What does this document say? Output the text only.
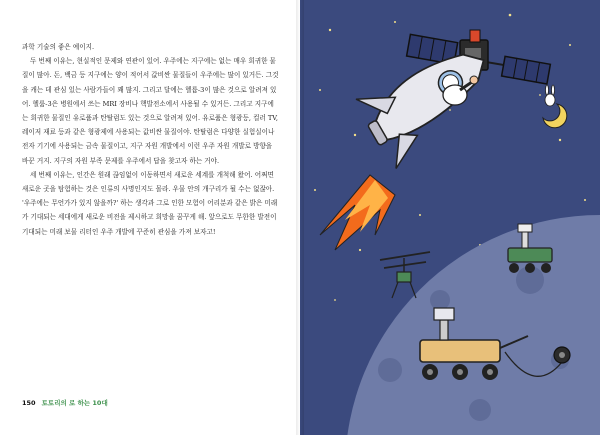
과학 기술의 좋은 예이지.

두 번째 이유는, 현실적인 문제와 연관이 있어. 우주에는 지구에는 없는 매우 희귀한 물질이 많아. 돈, 백금 등 지구에는 양이 적어서 값비싼 물질들이 우주에는 많이 있거든. 그것을 캐는 데 관심 있는 사람가들이 꽤 많지. 그리고 달에는 헬륨-3이 많은 것으로 알려져 있어. 헬륨-3은 병원에서 쓰는 MRI 장비나 핵발전소에서 사용될 수 있거든. 그리고 지구에는 희귀한 물질인 유로퓸과 탄탈럼도 있는 것으로 알려져 있어. 유로퓸은 형광등, 컬러 TV, 레이저 재료 등과 같은 형광제에 사용되는 값비싼 물질이야. 탄탈럼은 다양한 실험실이나 전자 기기에 사용되는 금속 물질이고, 지구 자원 개발에서 이런 우주 자원 개발로 방향을 바꾼 거지. 지구의 자원 부족 문제를 우주에서 답을 찾고자 하는 거야.

세 번째 이유는, 인간은 원래 끊임없이 이동하면서 새로운 세계를 개척해 왔어. 어쩌면 새로운 곳을 탐험하는 것은 인류의 사명인지도 몰라. 우물 안의 개구리가 될 수는 없잖아. '우주에는 무언가가 있지 않을까?' 하는 생각과 그로 인한 모험이 어리분과 같은 밝은 미래가 기대되는 세대에게 새로운 비전을 제시하고 희망을 꿈꾸게 해. 앞으로도 무한한 발전이 기대되는 미래 보물 리터인 우주 개발에 꾸준히 관심을 가져 보자고!

150 토토리의 로 하는 10대
